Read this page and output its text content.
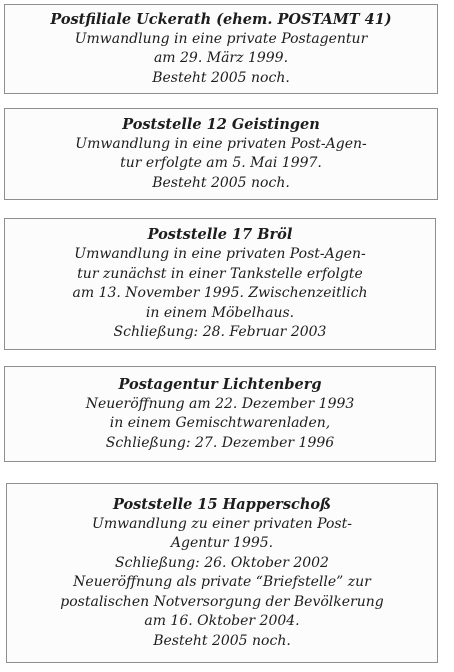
Postfiliale Uckerath (ehem. POSTAMT 41)
Umwandlung in eine private Postagentur
am 29. März 1999.
Besteht 2005 noch.
Poststelle 12 Geistingen
Umwandlung in eine privaten Post-Agen-
tur erfolgte am 5. Mai 1997.
Besteht 2005 noch.
Poststelle 17 Bröl
Umwandlung in eine privaten Post-Agen-
tur zunächst in einer Tankstelle erfolgte
am 13. November 1995. Zwischenzeitlich
in einem Möbelhaus.
Schließung: 28. Februar 2003
Postagentur Lichtenberg
Neueröffnung am 22. Dezember 1993
in einem Gemischtwarenladen,
Schließung: 27. Dezember 1996
Poststelle 15 Happerschoß
Umwandlung zu einer privaten Post-
Agentur 1995.
Schließung: 26. Oktober 2002
Neueröffnung als private “Briefstelle” zur
postalischen Notversorgung der Bevölkerung
am 16. Oktober 2004.
Besteht 2005 noch.
